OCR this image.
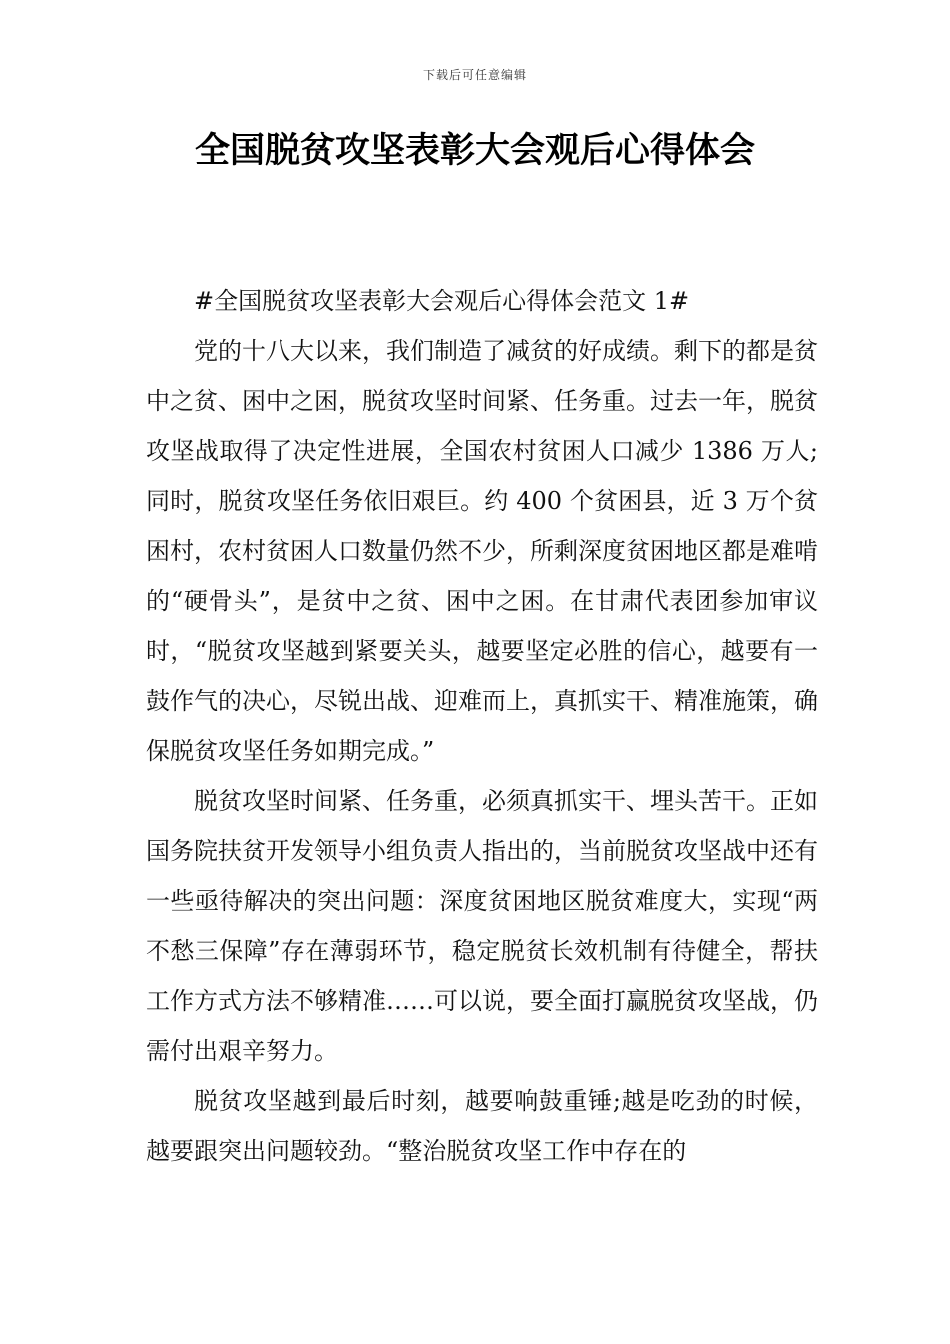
下载后可任意编辑
全国脱贫攻坚表彰大会观后心得体会

#全国脱贫攻坚表彰大会观后心得体会范文 1#

党的十八大以来，我们制造了减贫的好成绩。剩下的都是贫中之贫、困中之困，脱贫攻坚时间紧、任务重。过去一年，脱贫攻坚战取得了决定性进展，全国农村贫困人口减少 1386 万人;同时，脱贫攻坚任务依旧艰巨。约 400 个贫困县，近 3 万个贫困村，农村贫困人口数量仍然不少，所剩深度贫困地区都是难啃的“硬骨头”，是贫中之贫、困中之困。在甘肃代表团参加审议时，“脱贫攻坚越到紧要关头，越要坚定必胜的信心，越要有一鼓作气的决心，尽锐出战、迎难而上，真抓实干、精准施策，确保脱贫攻坚任务如期完成。”

脱贫攻坚时间紧、任务重，必须真抓实干、埋头苦干。正如国务院扶贫开发领导小组负责人指出的，当前脱贫攻坚战中还有一些亟待解决的突出问题：深度贫困地区脱贫难度大，实现“两不愁三保障”存在薄弱环节，稳定脱贫长效机制有待健全，帮扶工作方式方法不够精准……可以说，要全面打赢脱贫攻坚战，仍需付出艰辛努力。

脱贫攻坚越到最后时刻，越要响鼓重锤;越是吃劲的时候，越要跟突出问题较劲。“整治脱贫攻坚工作中存在的
